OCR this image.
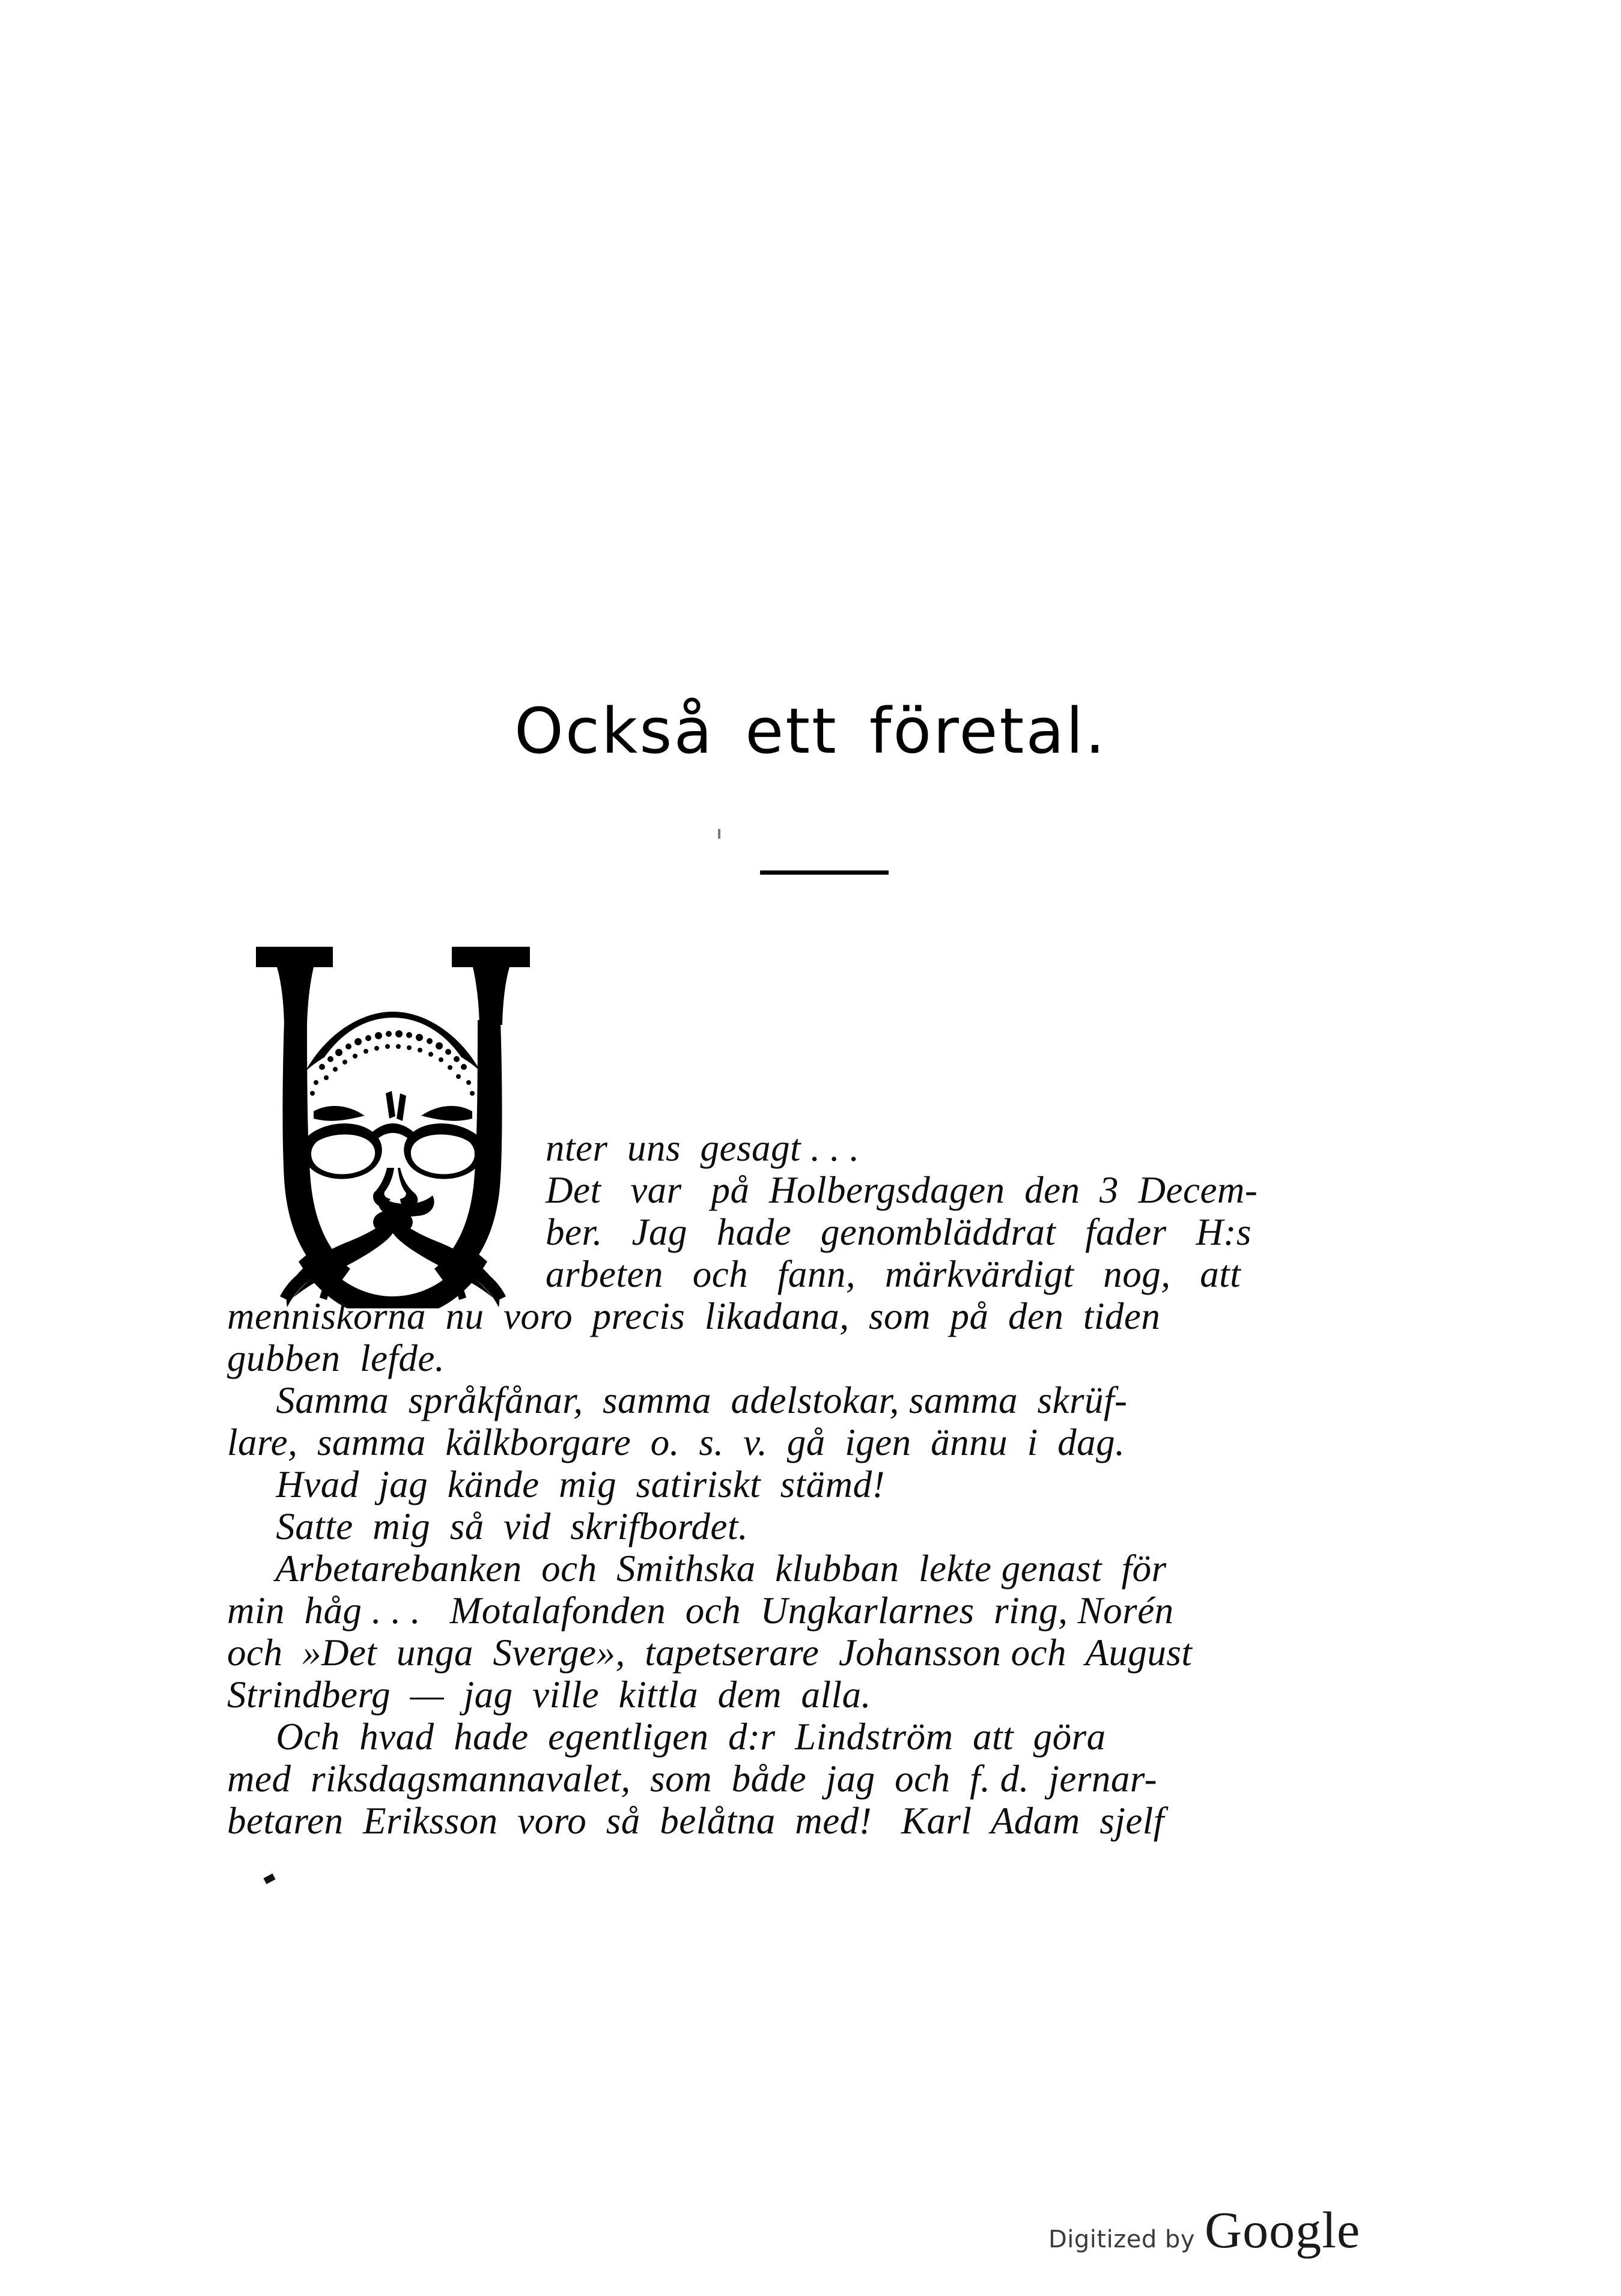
Också ett företal.
nter  uns  gesagt . . .
Det   var   på  Holbergsdagen  den  3  Decem-
ber.   Jag   hade   genombläddrat   fader   H:s
arbeten   och   fann,   märkvärdigt   nog,   att
menniskorna  nu  voro  precis  likadana,  som  på  den  tiden
gubben  lefde.
Samma  språkfånar,  samma  adelstokar, samma  skrüf-
lare,  samma  kälkborgare  o.  s.  v.  gå  igen  ännu  i  dag.
Hvad  jag  kände  mig  satiriskt  stämd!
Satte  mig  så  vid  skrifbordet.
Arbetarebanken  och  Smithska  klubban  lekte genast  för
min  håg . . .   Motalafonden  och  Ungkarlarnes  ring, Norén
och  »Det  unga  Sverge»,  tapetserare  Johansson och  August
Strindberg  —  jag  ville  kittla  dem  alla.
Och  hvad  hade  egentligen  d:r  Lindström  att  göra
med  riksdagsmannavalet,  som  både  jag  och  f. d.  jernar-
betaren  Eriksson  voro  så  belåtna  med!   Karl  Adam  sjelf
Digitized by Google
